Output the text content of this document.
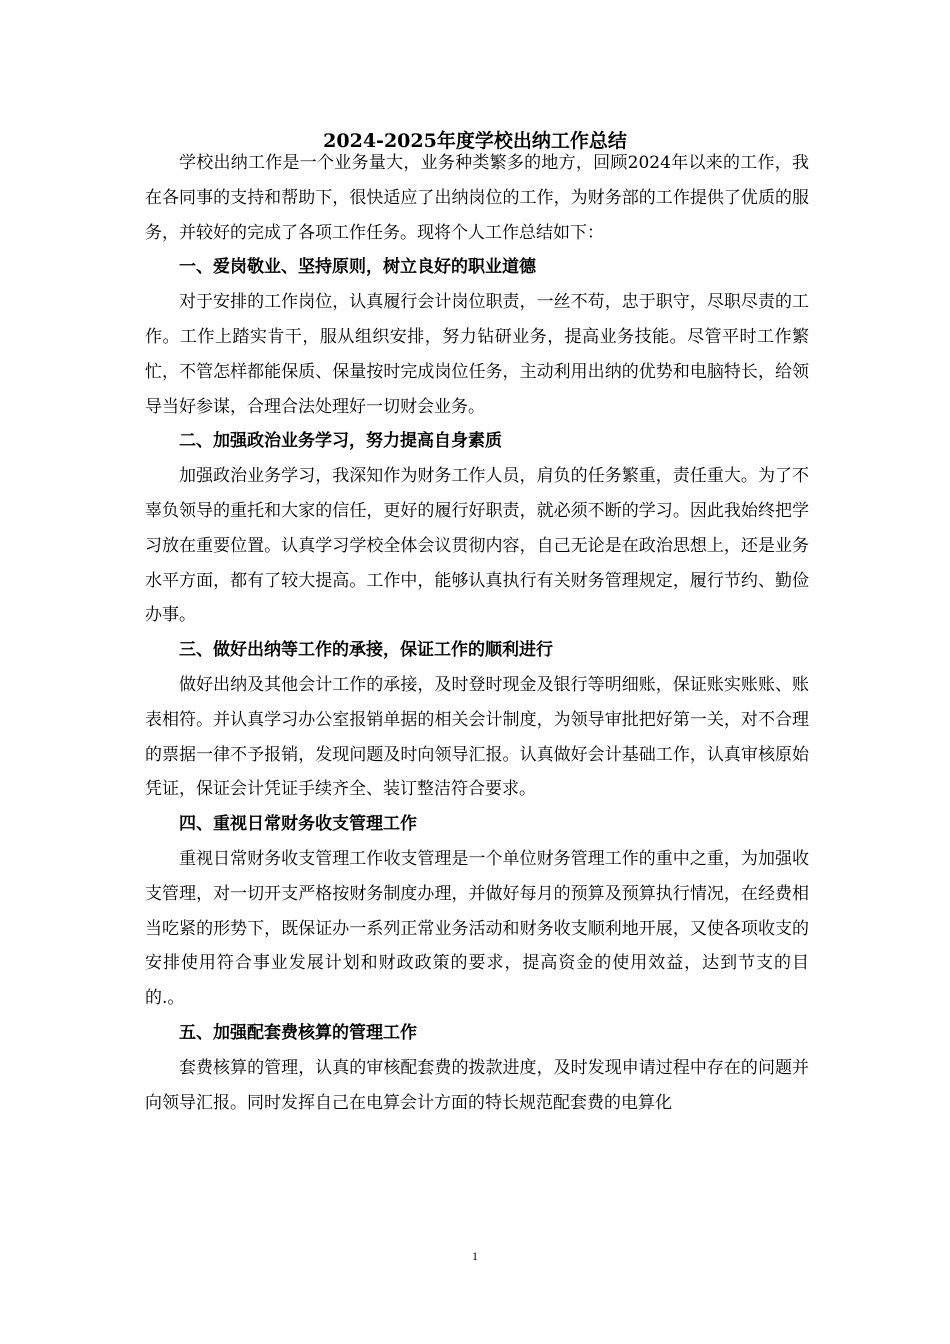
2024-2025年度学校出纳工作总结

学校出纳工作是一个业务量大，业务种类繁多的地方，回顾2024年以来的工作，我在各同事的支持和帮助下，很快适应了出纳岗位的工作，为财务部的工作提供了优质的服务，并较好的完成了各项工作任务。现将个人工作总结如下：

一、爱岗敬业、坚持原则，树立良好的职业道德

对于安排的工作岗位，认真履行会计岗位职责，一丝不苟，忠于职守，尽职尽责的工作。工作上踏实肯干，服从组织安排，努力钻研业务，提高业务技能。尽管平时工作繁忙，不管怎样都能保质、保量按时完成岗位任务，主动利用出纳的优势和电脑特长，给领导当好参谋，合理合法处理好一切财会业务。

二、加强政治业务学习，努力提高自身素质

加强政治业务学习，我深知作为财务工作人员，肩负的任务繁重，责任重大。为了不辜负领导的重托和大家的信任，更好的履行好职责，就必须不断的学习。因此我始终把学习放在重要位置。认真学习学校全体会议贯彻内容，自己无论是在政治思想上，还是业务水平方面，都有了较大提高。工作中，能够认真执行有关财务管理规定，履行节约、勤俭办事。

三、做好出纳等工作的承接，保证工作的顺利进行

做好出纳及其他会计工作的承接，及时登时现金及银行等明细账，保证账实账账、账表相符。并认真学习办公室报销单据的相关会计制度，为领导审批把好第一关，对不合理的票据一律不予报销，发现问题及时向领导汇报。认真做好会计基础工作，认真审核原始凭证，保证会计凭证手续齐全、装订整洁符合要求。

四、重视日常财务收支管理工作

重视日常财务收支管理工作收支管理是一个单位财务管理工作的重中之重，为加强收支管理，对一切开支严格按财务制度办理，并做好每月的预算及预算执行情况，在经费相当吃紧的形势下，既保证办一系列正常业务活动和财务收支顺利地开展，又使各项收支的安排使用符合事业发展计划和财政政策的要求，提高资金的使用效益，达到节支的目的.。

五、加强配套费核算的管理工作

套费核算的管理，认真的审核配套费的拨款进度，及时发现申请过程中存在的问题并向领导汇报。同时发挥自己在电算会计方面的特长规范配套费的电算化

1
